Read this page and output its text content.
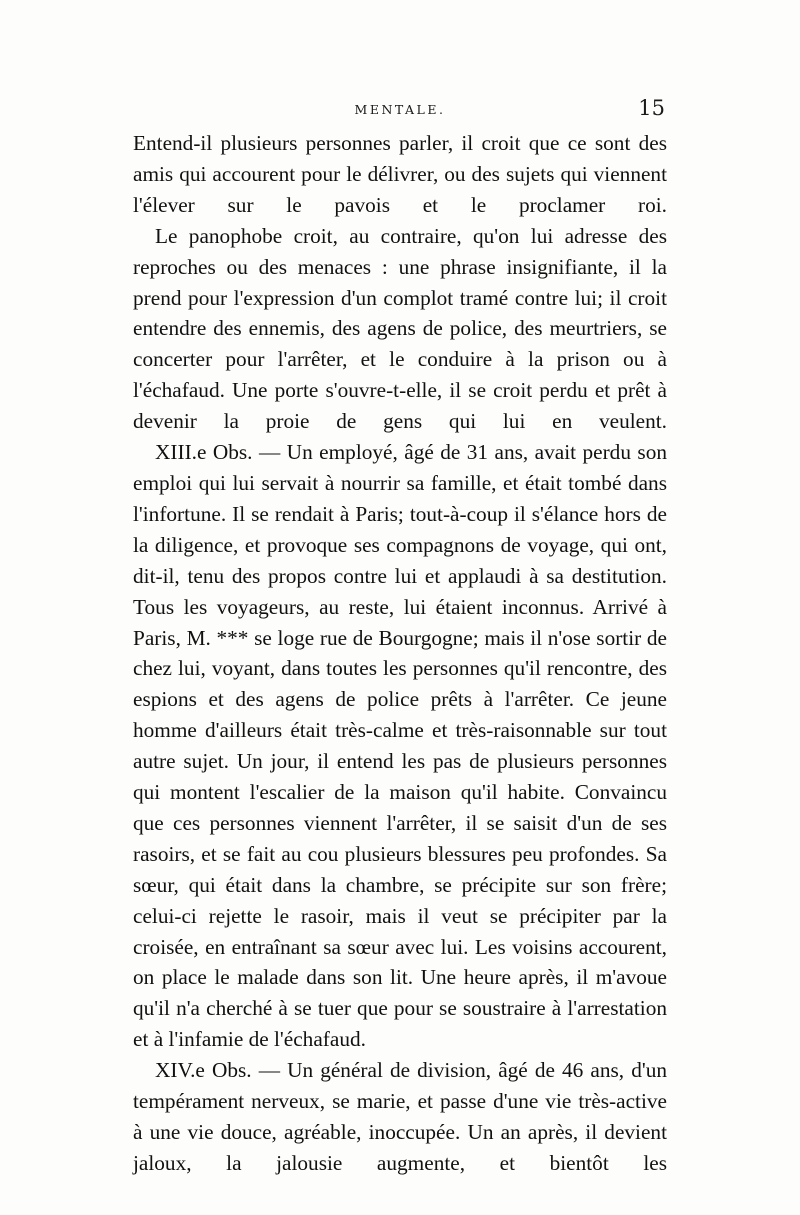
MENTALE.	15

Entend-il plusieurs personnes parler, il croit que ce sont des amis qui accourent pour le délivrer, ou des sujets qui viennent l'élever sur le pavois et le proclamer roi.

Le panophobe croit, au contraire, qu'on lui adresse des reproches ou des menaces : une phrase insignifiante, il la prend pour l'expression d'un complot tramé contre lui; il croit entendre des ennemis, des agens de police, des meurtriers, se concerter pour l'arrêter, et le conduire à la prison ou à l'échafaud. Une porte s'ouvre-t-elle, il se croit perdu et prêt à devenir la proie de gens qui lui en veulent.

XIII.e Obs. — Un employé, âgé de 31 ans, avait perdu son emploi qui lui servait à nourrir sa famille, et était tombé dans l'infortune. Il se rendait à Paris; tout-à-coup il s'élance hors de la diligence, et provoque ses compagnons de voyage, qui ont, dit-il, tenu des propos contre lui et applaudi à sa destitution. Tous les voyageurs, au reste, lui étaient inconnus. Arrivé à Paris, M. *** se loge rue de Bourgogne; mais il n'ose sortir de chez lui, voyant, dans toutes les personnes qu'il rencontre, des espions et des agens de police prêts à l'arrêter. Ce jeune homme d'ailleurs était très-calme et très-raisonnable sur tout autre sujet. Un jour, il entend les pas de plusieurs personnes qui montent l'escalier de la maison qu'il habite. Convaincu que ces personnes viennent l'arrêter, il se saisit d'un de ses rasoirs, et se fait au cou plusieurs blessures peu profondes. Sa sœur, qui était dans la chambre, se précipite sur son frère; celui-ci rejette le rasoir, mais il veut se précipiter par la croisée, en entraînant sa sœur avec lui. Les voisins accourent, on place le malade dans son lit. Une heure après, il m'avoue qu'il n'a cherché à se tuer que pour se soustraire à l'arrestation et à l'infamie de l'échafaud.

XIV.e Obs. — Un général de division, âgé de 46 ans, d'un tempérament nerveux, se marie, et passe d'une vie très-active à une vie douce, agréable, inoccupée. Un an après, il devient jaloux, la jalousie augmente, et bientôt les
